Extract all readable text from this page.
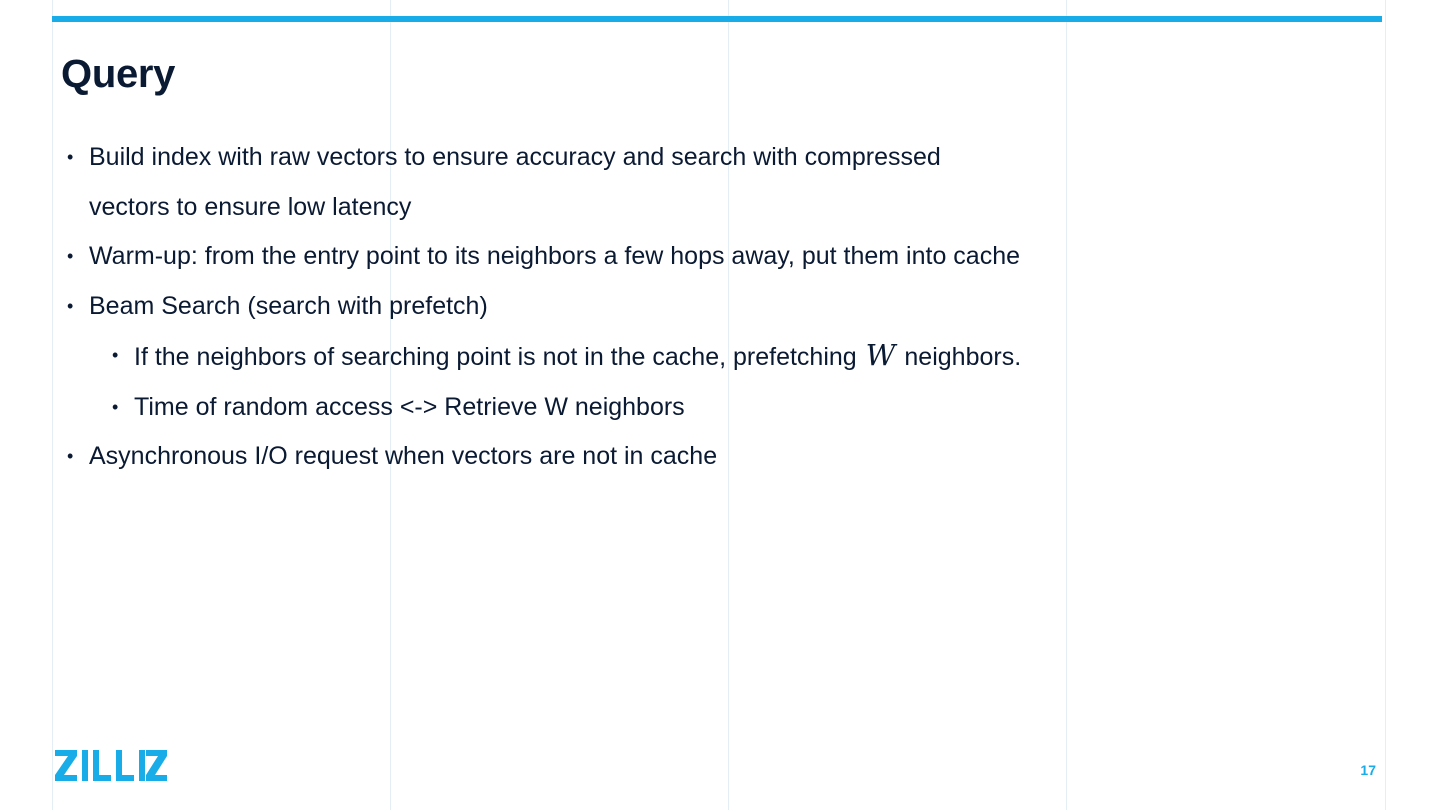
Query
• Build index with raw vectors to ensure accuracy and search with compressed vectors to ensure low latency
• Warm-up: from the entry point to its neighbors a few hops away, put them into cache
• Beam Search (search with prefetch)
• If the neighbors of searching point is not in the cache, prefetching W neighbors.
• Time of random access <-> Retrieve W neighbors
• Asynchronous I/O request when vectors are not in cache
17
